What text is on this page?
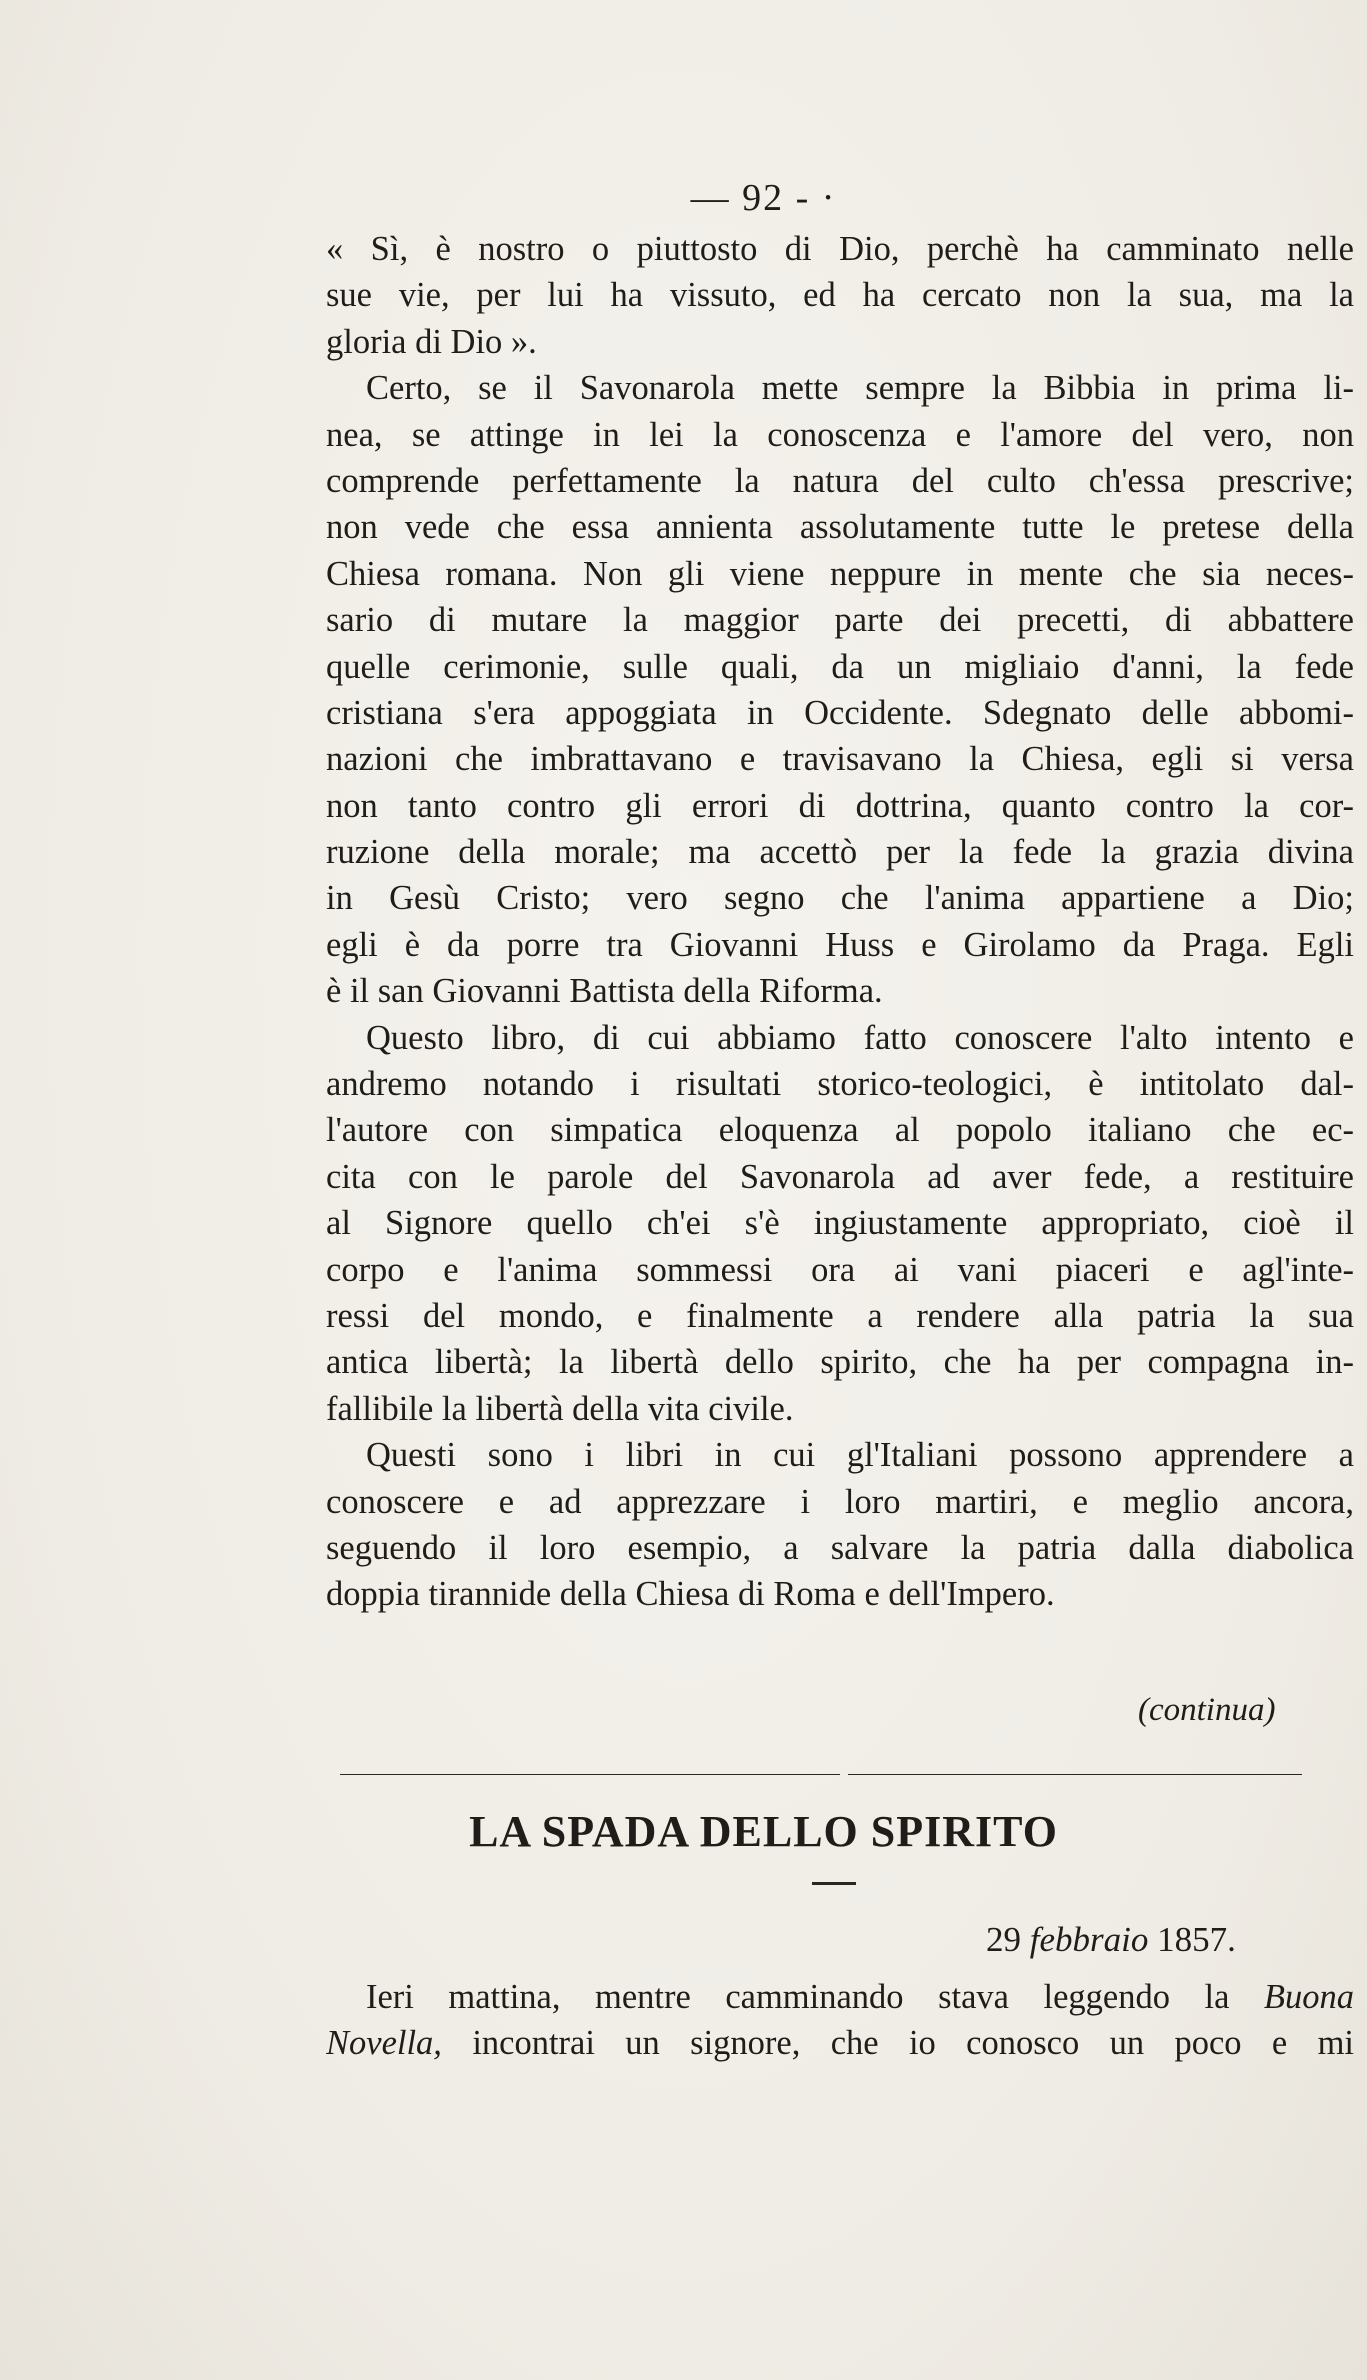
— 92 - ·
« Sì, è nostro o piuttosto di Dio, perchè ha camminato nelle
sue vie, per lui ha vissuto, ed ha cercato non la sua, ma la
gloria di Dio ».
Certo, se il Savonarola mette sempre la Bibbia in prima li-
nea, se attinge in lei la conoscenza e l'amore del vero, non
comprende perfettamente la natura del culto ch'essa prescrive;
non vede che essa annienta assolutamente tutte le pretese della
Chiesa romana. Non gli viene neppure in mente che sia neces-
sario di mutare la maggior parte dei precetti, di abbattere
quelle cerimonie, sulle quali, da un migliaio d'anni, la fede
cristiana s'era appoggiata in Occidente. Sdegnato delle abbomi-
nazioni che imbrattavano e travisavano la Chiesa, egli si versa
non tanto contro gli errori di dottrina, quanto contro la cor-
ruzione della morale; ma accettò per la fede la grazia divina
in Gesù Cristo; vero segno che l'anima appartiene a Dio;
egli è da porre tra Giovanni Huss e Girolamo da Praga. Egli
è il san Giovanni Battista della Riforma.
Questo libro, di cui abbiamo fatto conoscere l'alto intento e
andremo notando i risultati storico-teologici, è intitolato dal-
l'autore con simpatica eloquenza al popolo italiano che ec-
cita con le parole del Savonarola ad aver fede, a restituire
al Signore quello ch'ei s'è ingiustamente appropriato, cioè il
corpo e l'anima sommessi ora ai vani piaceri e agl'inte-
ressi del mondo, e finalmente a rendere alla patria la sua
antica libertà; la libertà dello spirito, che ha per compagna in-
fallibile la libertà della vita civile.
Questi sono i libri in cui gl'Italiani possono apprendere a
conoscere e ad apprezzare i loro martiri, e meglio ancora,
seguendo il loro esempio, a salvare la patria dalla diabolica
doppia tirannide della Chiesa di Roma e dell'Impero.
(continua)
LA SPADA DELLO SPIRITO
29 febbraio 1857.
Ieri mattina, mentre camminando stava leggendo la Buona
Novella, incontrai un signore, che io conosco un poco e mi
